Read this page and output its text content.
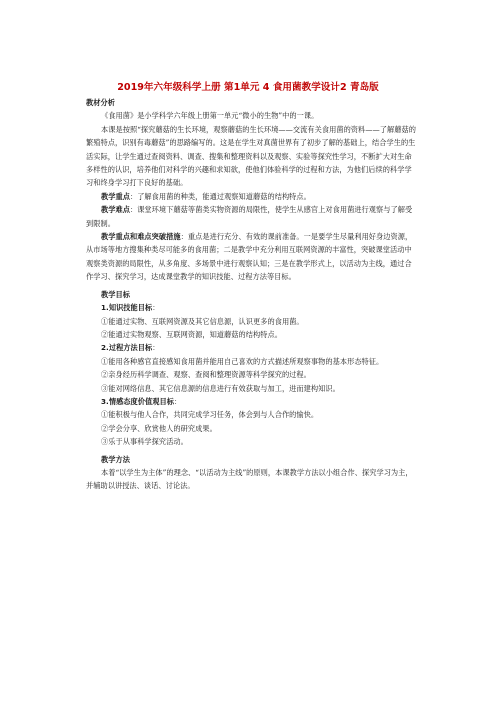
2019年六年级科学上册 第1单元 4 食用菌教学设计2 青岛版

教材分析

《食用菌》是小学科学六年级上册第一单元“微小的生物”中的一课。

本课是按照“探究蘑菇的生长环境，观察蘑菇的生长环境——交流有关食用菌的资料——了解蘑菇的繁殖特点，识别有毒蘑菇”的思路编写的。这是在学生对真菌世界有了初步了解的基础上，结合学生的生活实际，让学生通过查阅资料、调查、搜集和整理资料以及观察、实验等探究性学习，不断扩大对生命多样性的认识，培养他们对科学的兴趣和求知欲，使他们体验科学的过程和方法，为他们后续的科学学习和终身学习打下良好的基础。

教学重点：了解食用菌的种类，能通过观察知道蘑菇的结构特点。

教学难点：课堂环境下蘑菇等菌类实物资源的局限性，使学生从感官上对食用菌进行观察与了解受到限制。

教学重点和难点突破措施：重点是进行充分、有效的课前准备。一是要学生尽量利用好身边资源，从市场等地方搜集种类尽可能多的食用菌；二是教学中充分利用互联网资源的丰富性，突破课堂活动中观察类资源的局限性，从多角度、多场景中进行观察认知；三是在教学形式上，以活动为主线，通过合作学习、探究学习，达成课堂教学的知识技能、过程方法等目标。

教学目标

1.知识技能目标：

①能通过实物、互联网资源及其它信息源，认识更多的食用菌。

②能通过实物观察、互联网资源，知道蘑菇的结构特点。

2.过程方法目标：

①能用各种感官直接感知食用菌并能用自己喜欢的方式描述所观察事物的基本形态特征。

②亲身经历科学调查、观察、查阅和整理资源等科学探究的过程。

③能对网络信息、其它信息源的信息进行有效获取与加工，进而建构知识。

3.情感态度价值观目标：

①能积极与他人合作，共同完成学习任务，体会到与人合作的愉快。

②学会分享、欣赏他人的研究成果。

③乐于从事科学探究活动。

教学方法

本着“以学生为主体”的理念、“以活动为主线”的原则，本课教学方法以小组合作、探究学习为主，并辅助以讲授法、谈话、讨论法。
